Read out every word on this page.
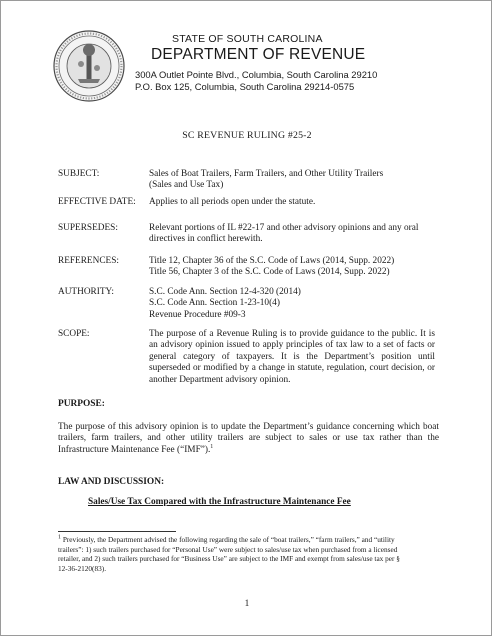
STATE OF SOUTH CAROLINA
DEPARTMENT OF REVENUE
300A Outlet Pointe Blvd., Columbia, South Carolina 29210
P.O. Box 125, Columbia, South Carolina 29214-0575
SC REVENUE RULING #25-2
SUBJECT:	Sales of Boat Trailers, Farm Trailers, and Other Utility Trailers
(Sales and Use Tax)
EFFECTIVE DATE: Applies to all periods open under the statute.
SUPERSEDES:	Relevant portions of IL #22-17 and other advisory opinions and any oral
directives in conflict herewith.
REFERENCES:	Title 12, Chapter 36 of the S.C. Code of Laws (2014, Supp. 2022)
Title 56, Chapter 3 of the S.C. Code of Laws (2014, Supp. 2022)
AUTHORITY:	S.C. Code Ann. Section 12-4-320 (2014)
S.C. Code Ann. Section 1-23-10(4)
Revenue Procedure #09-3
SCOPE:	The purpose of a Revenue Ruling is to provide guidance to the public. It is an advisory opinion issued to apply principles of tax law to a set of facts or general category of taxpayers. It is the Department’s position until superseded or modified by a change in statute, regulation, court decision, or another Department advisory opinion.
PURPOSE:
The purpose of this advisory opinion is to update the Department’s guidance concerning which boat trailers, farm trailers, and other utility trailers are subject to sales or use tax rather than the Infrastructure Maintenance Fee (“IMF”).$^1$
LAW AND DISCUSSION:
Sales/Use Tax Compared with the Infrastructure Maintenance Fee
$^1$ Previously, the Department advised the following regarding the sale of “boat trailers,” “farm trailers,” and “utility
trailers”: 1) such trailers purchased for “Personal Use” were subject to sales/use tax when purchased from a licensed
retailer, and 2) such trailers purchased for “Business Use” are subject to the IMF and exempt from sales/use tax per §
12-36-2120(83).
1
